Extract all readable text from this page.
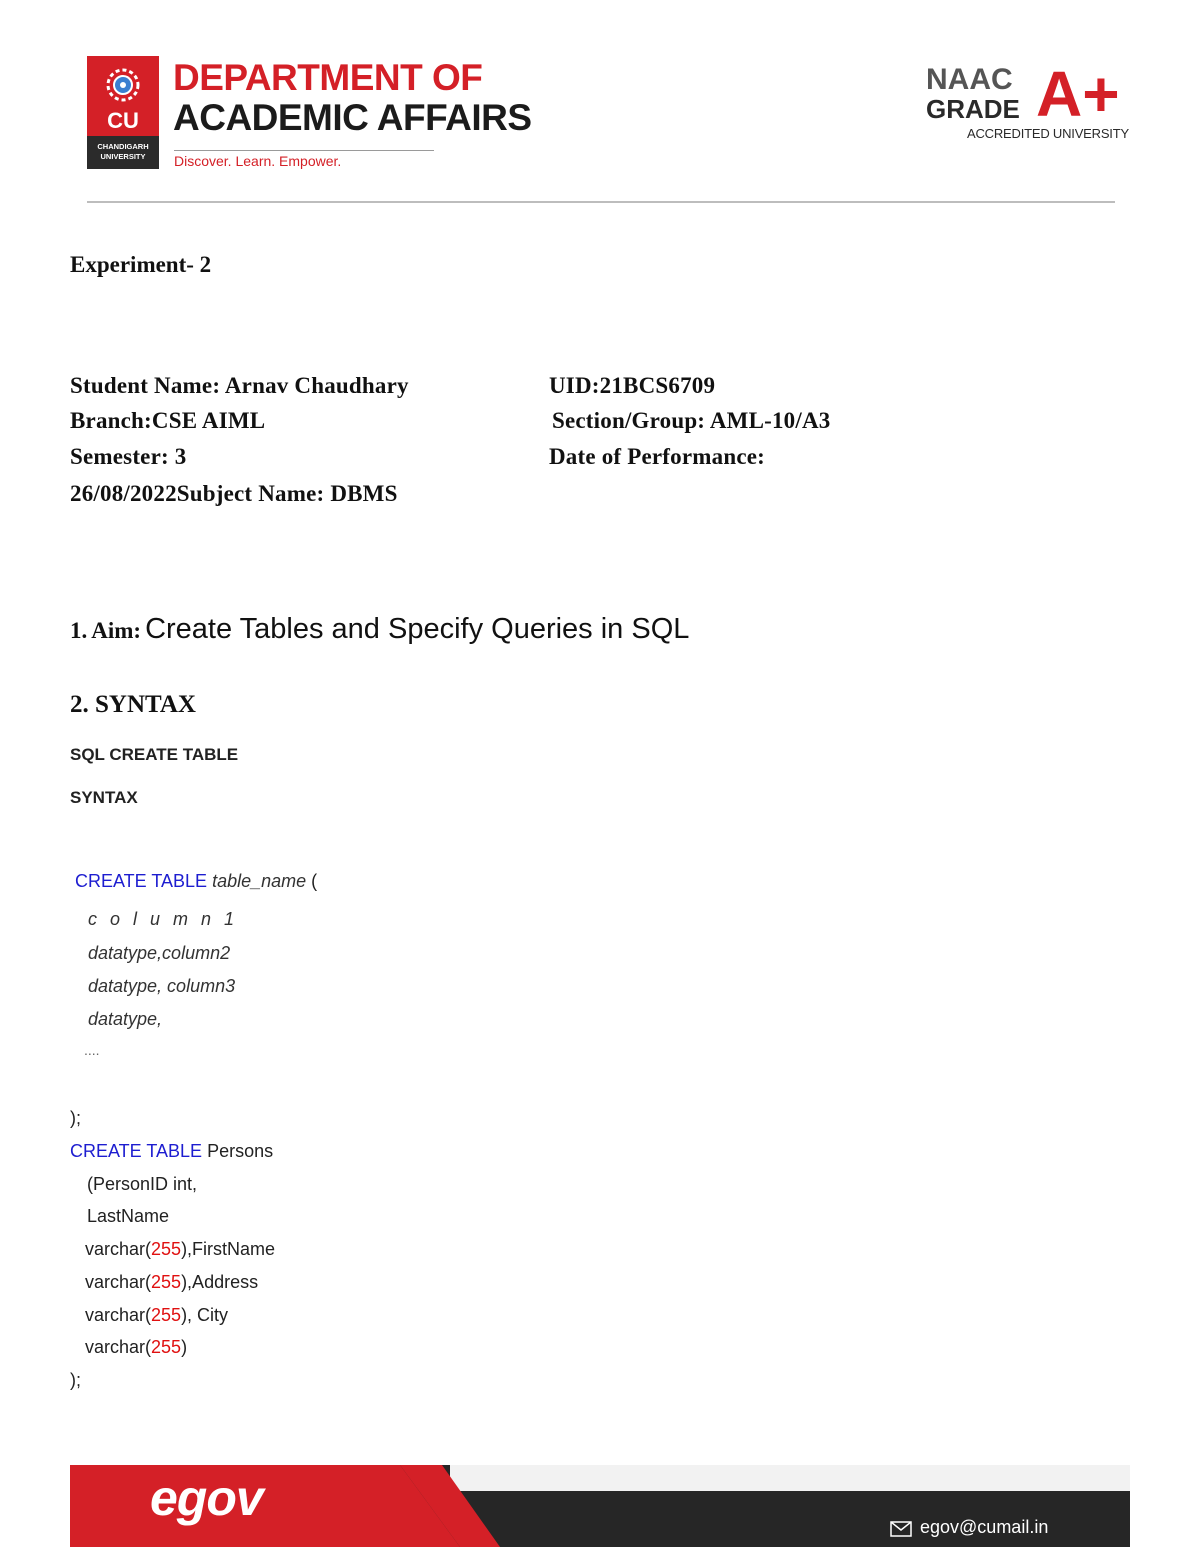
CU
CHANDIGARH UNIVERSITY
DEPARTMENT OF
ACADEMIC AFFAIRS
Discover. Learn. Empower.
NAAC
GRADE A+
ACCREDITED UNIVERSITY
Experiment- 2
Student Name: Arnav Chaudhary	UID:21BCS6709
Branch:CSE AIML	Section/Group: AML-10/A3
Semester: 3	Date of Performance:
26/08/2022Subject Name: DBMS
1. Aim: Create Tables and Specify Queries in SQL
2. SYNTAX
SQL CREATE TABLE
SYNTAX
CREATE TABLE table_name (
c o l u m n 1
datatype,column2
datatype, column3
datatype,
....
);
CREATE TABLE Persons
(PersonID int,
LastName
varchar(255),FirstName
varchar(255),Address
varchar(255), City
varchar(255)
);
egov
egov@cumail.in
